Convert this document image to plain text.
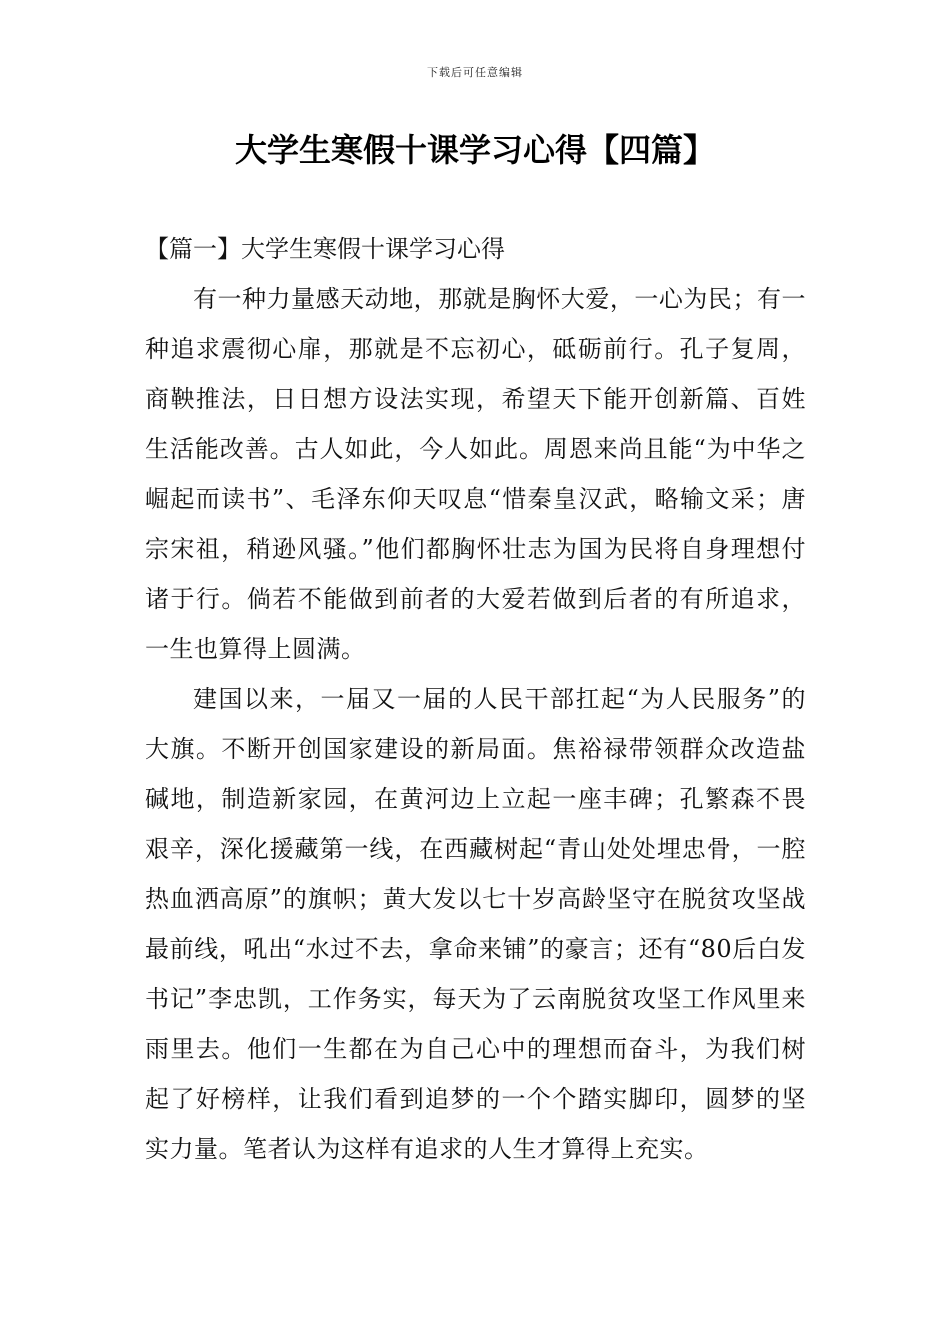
下载后可任意编辑
大学生寒假十课学习心得【四篇】
【篇一】大学生寒假十课学习心得

有一种力量感天动地，那就是胸怀大爱，一心为民；有一种追求震彻心扉，那就是不忘初心，砥砺前行。孔子复周，商鞅推法，日日想方设法实现，希望天下能开创新篇、百姓生活能改善。古人如此，今人如此。周恩来尚且能“为中华之崛起而读书”、毛泽东仰天叹息“惜秦皇汉武，略输文采；唐宗宋祖，稍逊风骚。”他们都胸怀壮志为国为民将自身理想付诸于行。倘若不能做到前者的大爱若做到后者的有所追求，一生也算得上圆满。

建国以来，一届又一届的人民干部扛起“为人民服务”的大旗。不断开创国家建设的新局面。焦裕禄带领群众改造盐碱地，制造新家园，在黄河边上立起一座丰碑；孔繁森不畏艰辛，深化援藏第一线，在西藏树起“青山处处埋忠骨，一腔热血洒高原”的旗帜；黄大发以七十岁高龄坚守在脱贫攻坚战最前线，吼出“水过不去，拿命来铺”的豪言；还有“80后白发书记”李忠凯，工作务实，每天为了云南脱贫攻坚工作风里来雨里去。他们一生都在为自己心中的理想而奋斗，为我们树起了好榜样，让我们看到追梦的一个个踏实脚印，圆梦的坚实力量。笔者认为这样有追求的人生才算得上充实。
